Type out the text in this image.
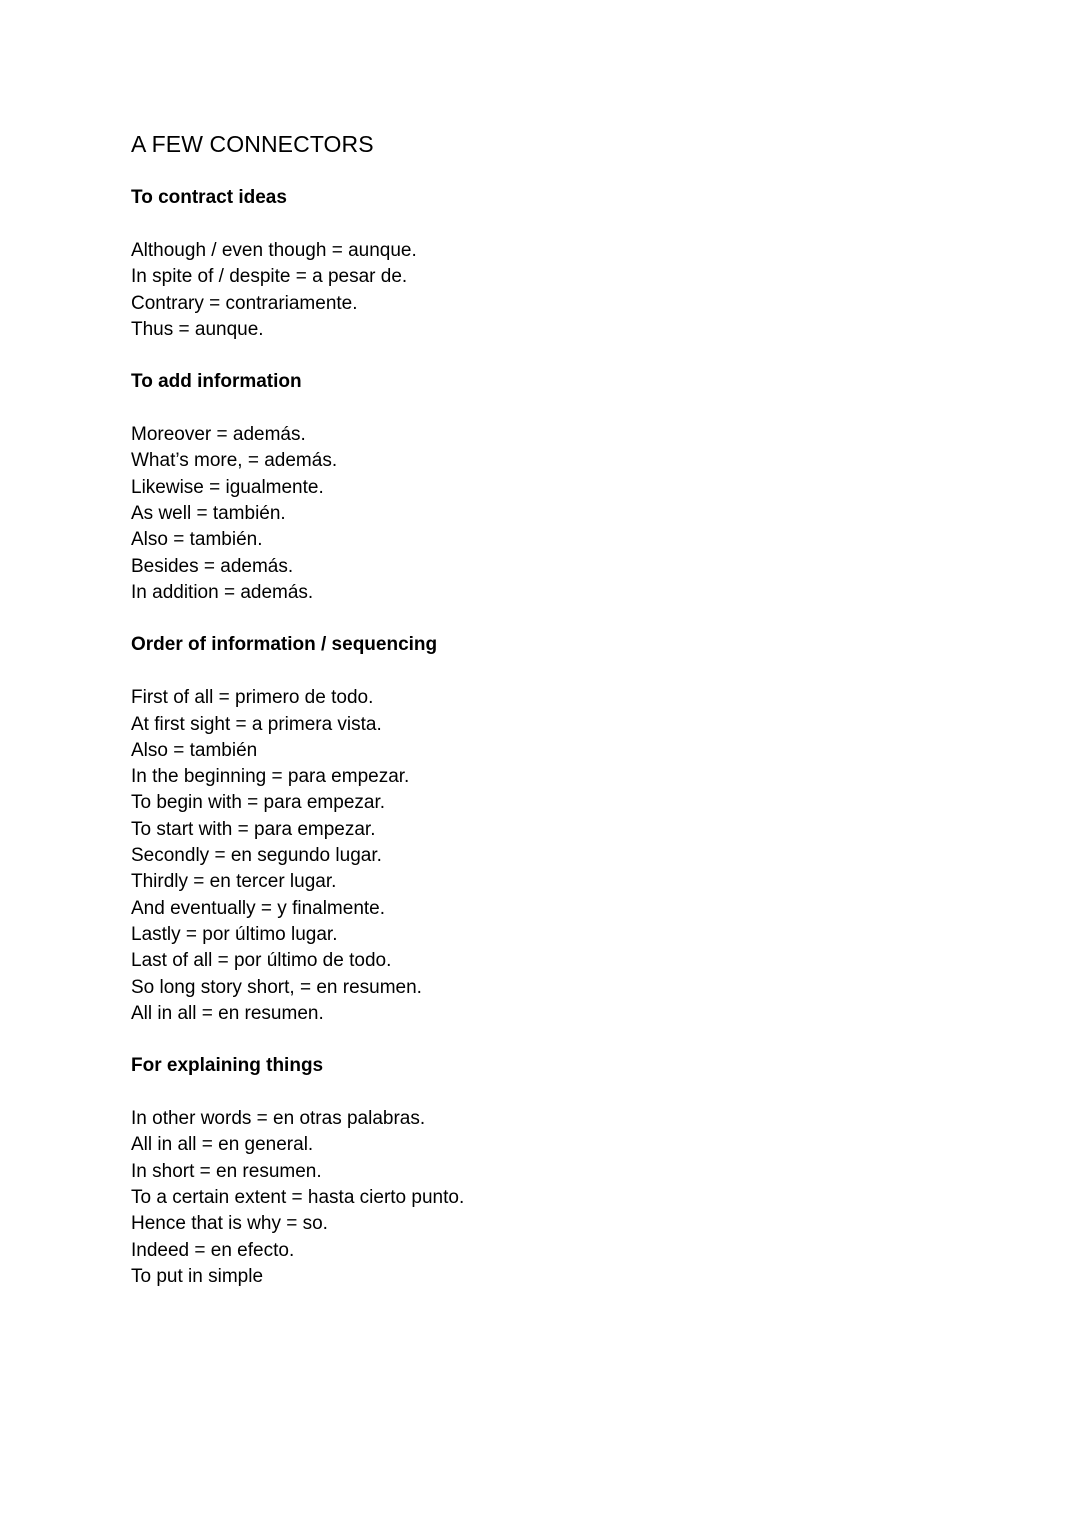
A FEW CONNECTORS
To contract ideas
Although / even though = aunque.
In spite of / despite = a pesar de.
Contrary = contrariamente.
Thus = aunque.
To add information
Moreover = además.
What’s more, = además.
Likewise = igualmente.
As well = también.
Also = también.
Besides = además.
In addition = además.
Order of information / sequencing
First of all = primero de todo.
At first sight = a primera vista.
Also = también
In the beginning = para empezar.
To begin with = para empezar.
To start with = para empezar.
Secondly = en segundo lugar.
Thirdly = en tercer lugar.
And eventually = y finalmente.
Lastly = por último lugar.
Last of all = por último de todo.
So long story short, = en resumen.
All in all = en resumen.
For explaining things
In other words = en otras palabras.
All in all = en general.
In short = en resumen.
To a certain extent = hasta cierto punto.
Hence that is why = so.
Indeed = en efecto.
To put in simple
